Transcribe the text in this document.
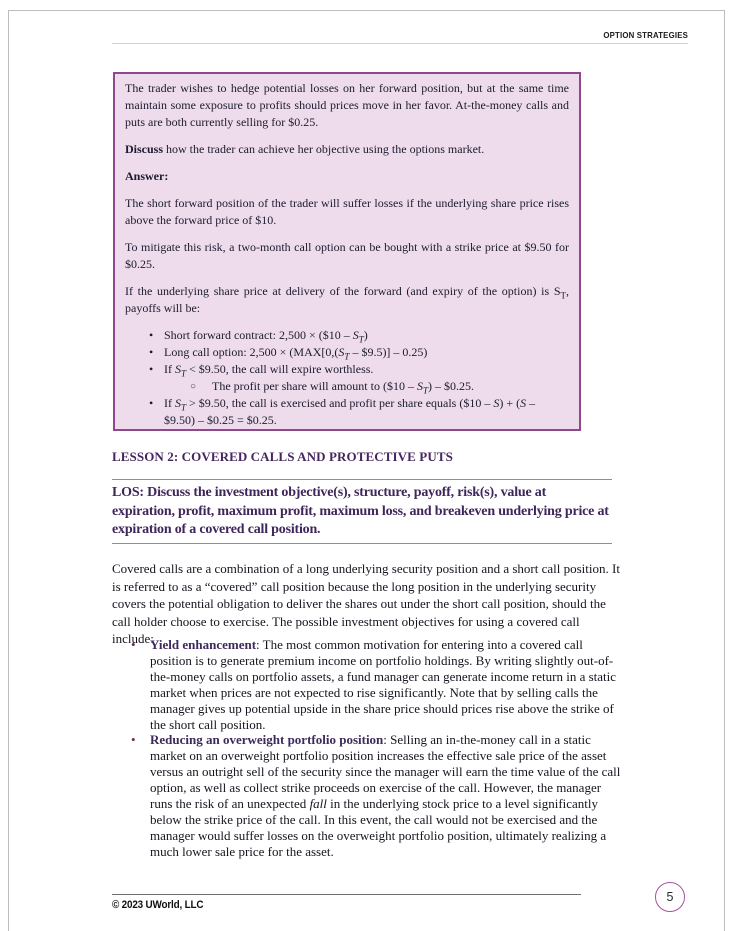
OPTION STRATEGIES

The trader wishes to hedge potential losses on her forward position, but at the same time maintain some exposure to profits should prices move in her favor. At-the-money calls and puts are both currently selling for $0.25.

Discuss how the trader can achieve her objective using the options market.

Answer:

The short forward position of the trader will suffer losses if the underlying share price rises above the forward price of $10.

To mitigate this risk, a two-month call option can be bought with a strike price at $9.50 for $0.25.

If the underlying share price at delivery of the forward (and expiry of the option) is $S_T$, payoffs will be:

• Short forward contract: 2,500 × ($10 – $S_T$)
• Long call option: $2,500 \times (MAX[0,(S_T$ – $9.5)] – 0.25)
• If $S_T$ < $9.50, the call will expire worthless.
○ The profit per share will amount to ($10 – $S_T$) – $0.25.
• If $S_T$ > $9.50, the call is exercised and profit per share equals ($10 – S) + (S – $9.50) – $0.25 = $0.25.
LESSON 2: COVERED CALLS AND PROTECTIVE PUTS
LOS: Discuss the investment objective(s), structure, payoff, risk(s), value at expiration, profit, maximum profit, maximum loss, and breakeven underlying price at expiration of a covered call position.

Covered calls are a combination of a long underlying security position and a short call position. It is referred to as a “covered” call position because the long position in the underlying security covers the potential obligation to deliver the shares out under the short call position, should the call holder choose to exercise. The possible investment objectives for using a covered call include:

• Yield enhancement: The most common motivation for entering into a covered call position is to generate premium income on portfolio holdings. By writing slightly out-of-the-money calls on portfolio assets, a fund manager can generate income return in a static market when prices are not expected to rise significantly. Note that by selling calls the manager gives up potential upside in the share price should prices rise above the strike of the short call position.
• Reducing an overweight portfolio position: Selling an in-the-money call in a static market on an overweight portfolio position increases the effective sale price of the asset versus an outright sell of the security since the manager will earn the time value of the call option, as well as collect strike proceeds on exercise of the call. However, the manager runs the risk of an unexpected fall in the underlying stock price to a level significantly below the strike price of the call. In this event, the call would not be exercised and the manager would suffer losses on the overweight portfolio position, ultimately realizing a much lower sale price for the asset.
© 2023 UWorld, LLC
5
